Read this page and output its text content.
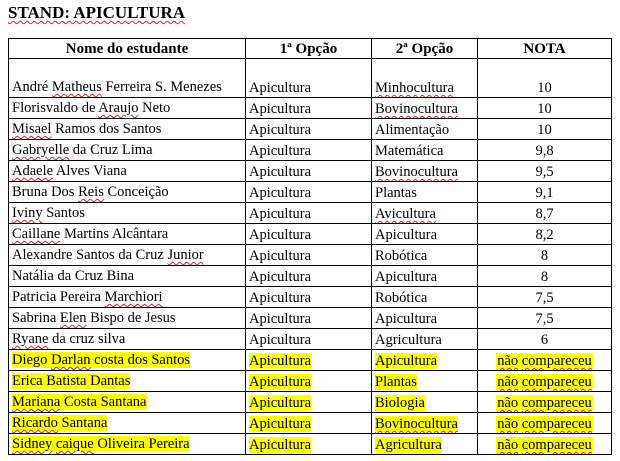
STAND: APICULTURA
Nome do estudante	1ª Opção	2ª Opção	NOTA
André Matheus Ferreira S. Menezes	Apicultura	Minhocultura	10
Florisvaldo de Araujo Neto	Apicultura	Bovinocultura	10
Misael Ramos dos Santos	Apicultura	Alimentação	10
Gabryelle da Cruz Lima	Apicultura	Matemática	9,8
Adaele Alves Viana	Apicultura	Bovinocultura	9,5
Bruna Dos Reis Conceição	Apicultura	Plantas	9,1
Iviny Santos	Apicultura	Avicultura	8,7
Caillane Martins Alcântara	Apicultura	Apicultura	8,2
Alexandre Santos da Cruz Junior	Apicultura	Robótica	8
Natália da Cruz Bina	Apicultura	Apicultura	8
Patricia Pereira Marchiori	Apicultura	Robótica	7,5
Sabrina Elen Bispo de Jesus	Apicultura	Apicultura	7,5
Ryane da cruz silva	Apicultura	Agricultura	6
Diego Darlan costa dos Santos	Apicultura	Apicultura	não compareceu
Erica Batista Dantas	Apicultura	Plantas	não compareceu
Mariana Costa Santana	Apicultura	Biologia	não compareceu
Ricardo Santana	Apicultura	Bovinocultura	não compareceu
Sidney caique Oliveira Pereira	Apicultura	Agricultura	não compareceu
